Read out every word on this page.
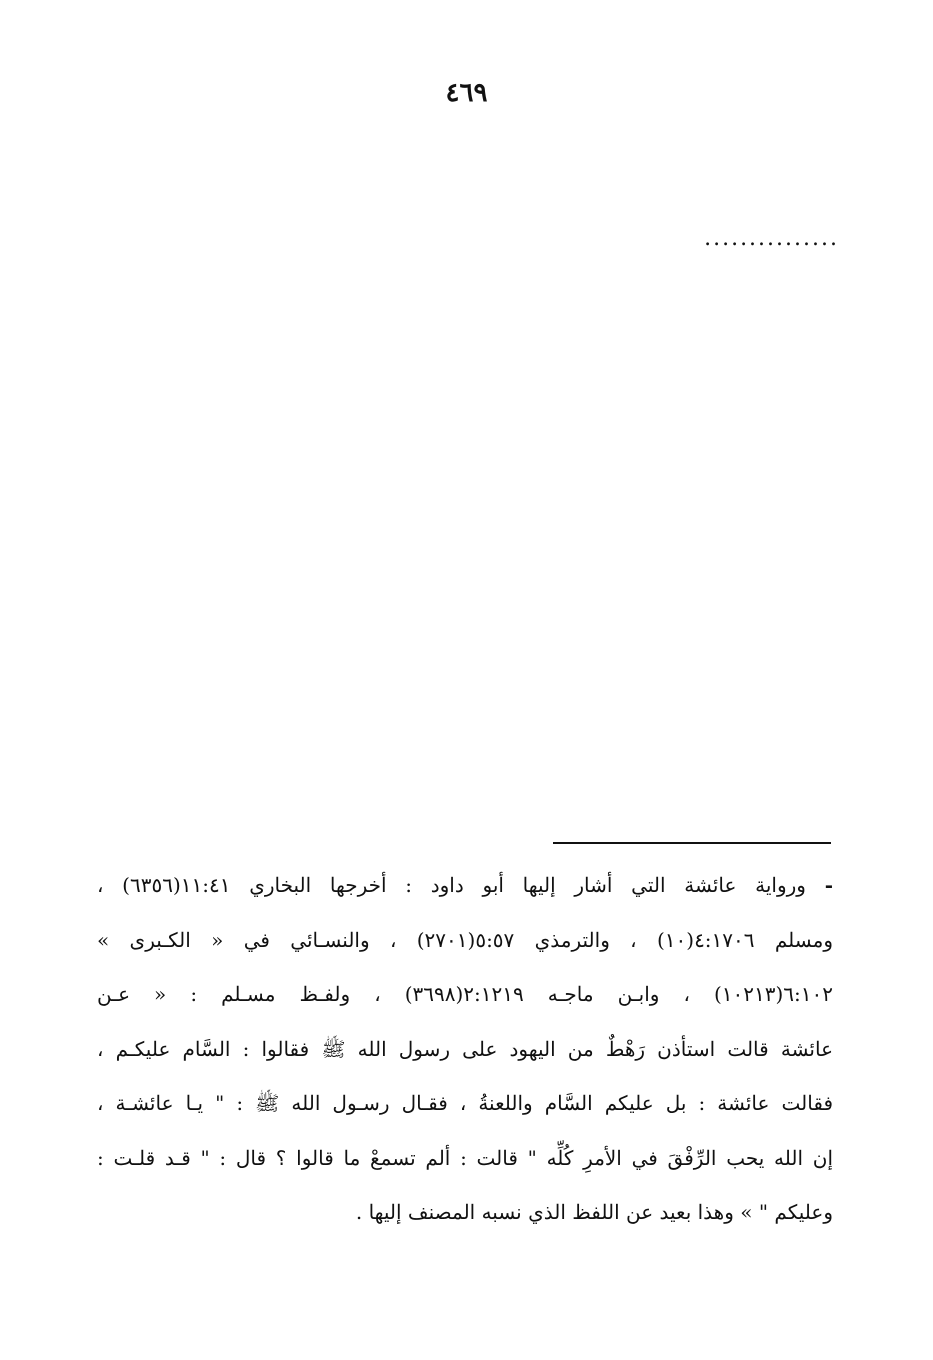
٤٦٩
...............
- ورواية عائشة التي أشار إليها أبو داود : أخرجها البخاري ١١:٤١(٦٣٥٦) ،
ومسلم ٤:١٧٠٦(١٠) ، والترمذي ٥:٥٧(٢٧٠١) ، والنسـائي في « الكـبرى »
٦:١٠٢(١٠٢١٣) ، وابـن ماجـه ٢:١٢١٩(٣٦٩٨) ، ولفـظ مسـلم : « عـن
عائشة قالت استأذن رَهْطٌ من اليهود على رسول الله ﷺ فقالوا : السَّام عليكـم ،
فقالت عائشة : بل عليكم السَّام واللعنةُ ، فقـال رسـول الله ﷺ : " يـا عائشـة ،
إن الله يحب الرِّفْقَ في الأمرِ كُلِّه " قالت : ألم تسمعْ ما قالوا ؟ قال : " قـد قلـت :
وعليكم " » وهذا بعيد عن اللفظ الذي نسبه المصنف إليها .
